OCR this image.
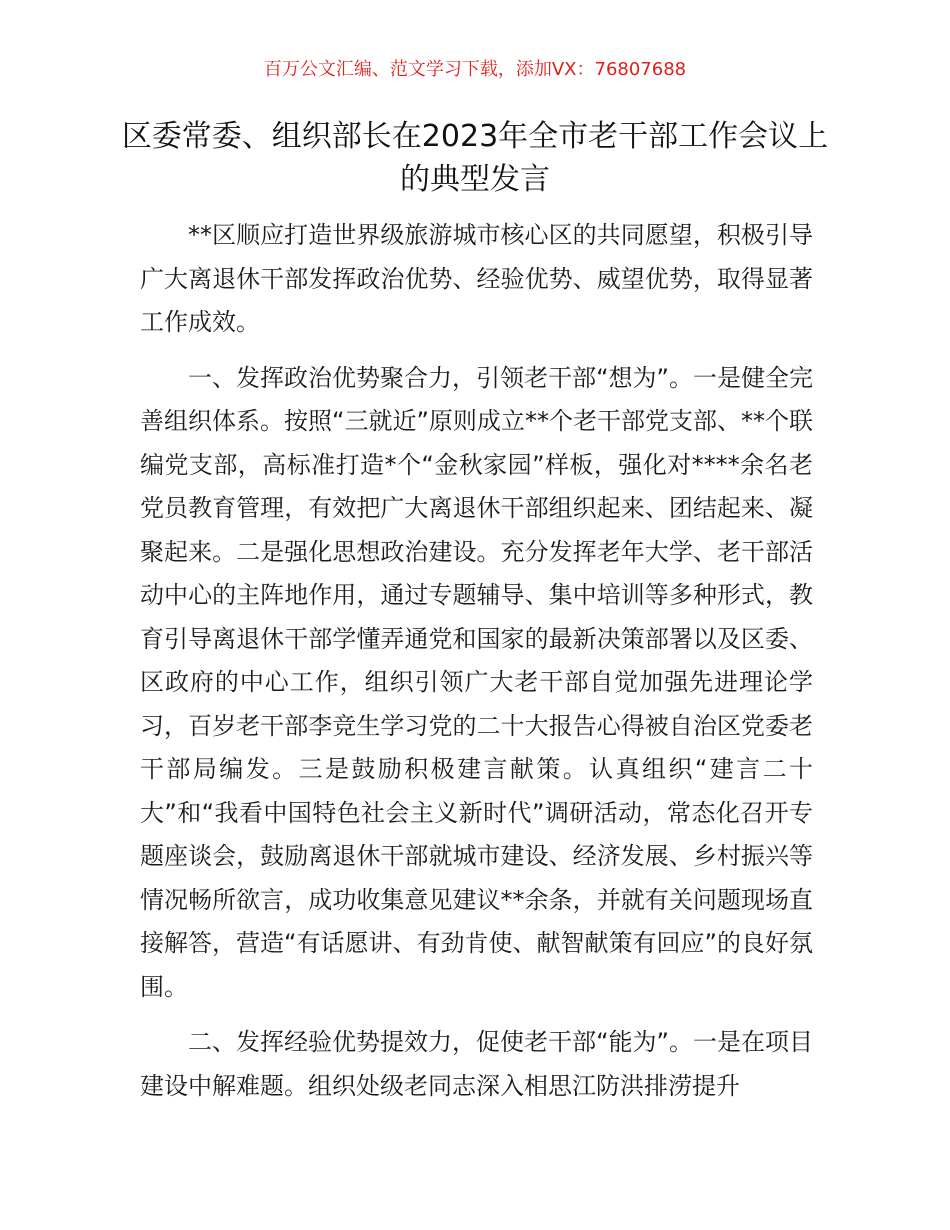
百万公文汇编、范文学习下载，添加VX：76807688
区委常委、组织部长在2023年全市老干部工作会议上的典型发言

**区顺应打造世界级旅游城市核心区的共同愿望，积极引导广大离退休干部发挥政治优势、经验优势、威望优势，取得显著工作成效。

一、发挥政治优势聚合力，引领老干部“想为”。一是健全完善组织体系。按照“三就近”原则成立**个老干部党支部、**个联编党支部，高标准打造*个“金秋家园”样板，强化对****余名老党员教育管理，有效把广大离退休干部组织起来、团结起来、凝聚起来。二是强化思想政治建设。充分发挥老年大学、老干部活动中心的主阵地作用，通过专题辅导、集中培训等多种形式，教育引导离退休干部学懂弄通党和国家的最新决策部署以及区委、区政府的中心工作，组织引领广大老干部自觉加强先进理论学习，百岁老干部李竞生学习党的二十大报告心得被自治区党委老干部局编发。三是鼓励积极建言献策。认真组织“建言二十大”和“我看中国特色社会主义新时代”调研活动，常态化召开专题座谈会，鼓励离退休干部就城市建设、经济发展、乡村振兴等情况畅所欲言，成功收集意见建议**余条，并就有关问题现场直接解答，营造“有话愿讲、有劲肯使、献智献策有回应”的良好氛围。

二、发挥经验优势提效力，促使老干部“能为”。一是在项目建设中解难题。组织处级老同志深入相思江防洪排涝提升
